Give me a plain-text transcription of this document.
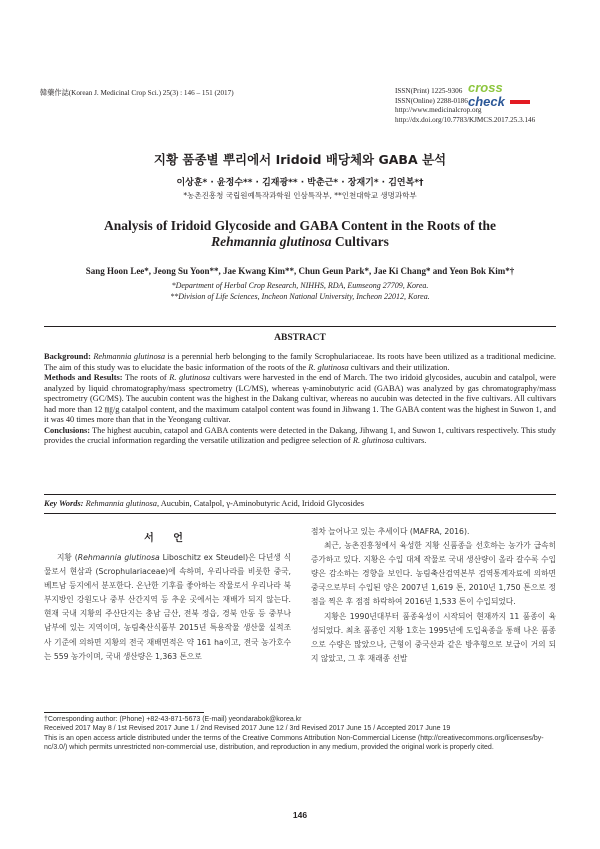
韓藥作誌(Korean J. Medicinal Crop Sci.) 25(3) : 146 – 151 (2017)	cross
check
ISSN(Print) 1225-9306
ISSN(Online) 2288-0186
http://www.medicinalcrop.org
http://dx.doi.org/10.7783/KJMCS.2017.25.3.146
지황 품종별 뿌리에서 Iridoid 배당체와 GABA 분석
이상훈* · 윤정수** · 김재광** · 박춘근* · 장재기* · 김연복*†
*농촌진흥청 국립원예특작과학원 인삼특작부, **인천대학교 생명과학부
Analysis of Iridoid Glycoside and GABA Content in the Roots of the
Rehmannia glutinosa Cultivars
Sang Hoon Lee*, Jeong Su Yoon**, Jae Kwang Kim**, Chun Geun Park*, Jae Ki Chang* and Yeon Bok Kim*†
*Department of Herbal Crop Research, NIHHS, RDA, Eumseong 27709, Korea.
**Division of Life Sciences, Incheon National University, Incheon 22012, Korea.
ABSTRACT

Background: Rehmannia glutinosa is a perennial herb belonging to the family Scrophulariaceae. Its roots have been utilized as a traditional medicine. The aim of this study was to elucidate the basic information of the roots of the R. glutinosa cultivars and their utilization.

Methods and Results: The roots of R. glutinosa cultivars were harvested in the end of March. The two iridoid glycosides, aucubin and catalpol, were analyzed by liquid chromatography/mass spectrometry (LC/MS), whereas γ-aminobutyric acid (GABA) was analyzed by gas chromatography/mass spectrometry (GC/MS). The aucubin content was the highest in the Dakang cultivar, whereas no aucubin was detected in the five cultivars. All cultivars had more than 12 ㎎/g catalpol content, and the maximum catalpol content was found in Jihwang 1. The GABA content was the highest in Suwon 1, and it was 40 times more than that in the Yeongang cultivar.

Conclusions: The highest aucubin, catapol and GABA contents were detected in the Dakang, Jihwang 1, and Suwon 1, cultivars respectively. This study provides the crucial information regarding the versatile utilization and pedigree selection of R. glutinosa cultivars.

Key Words: Rehmannia glutinosa, Aucubin, Catalpol, γ-Aminobutyric Acid, Iridoid Glycosides
서 언

지황 (Rehmannia glutinosa Liboschitz ex Steudel)은 다년생 식물로서 현삼과 (Scrophulariaceae)에 속하며, 우리나라를 비롯한 중국, 베트남 등지에서 분포한다. 온난한 기후를 좋아하는 작물로서 우리나라 북부지방인 강원도나 중부 산간지역 등 추운 곳에서는 재배가 되지 않는다. 현재 국내 지황의 주산단지는 충남 금산, 전북 정읍, 경북 안동 등 중부나 남부에 있는 지역이며, 농림축산식품부 2015년 특용작물 생산물 실적조사 기준에 의하면 지황의 전국 재배면적은 약 161 ha이고, 전국 농가호수는 559 농가이며, 국내 생산량은 1,363 톤으로

점차 늘어나고 있는 추세이다 (MAFRA, 2016).

최근, 농촌진흥청에서 육성한 지황 신품종을 선호하는 농가가 급속히 증가하고 있다. 지황은 수입 대체 작물로 국내 생산량이 올라 갈수록 수입량은 감소하는 경향을 보인다. 농림축산검역본부 검역통계자료에 의하면 중국으로부터 수입된 양은 2007년 1,619 톤, 2010년 1,750 톤으로 정점을 찍은 후 점점 하락하여 2016년 1,533 톤이 수입되었다.

지황은 1990년대부터 품종육성이 시작되어 현재까지 11 품종이 육성되었다. 최초 품종인 지황 1호는 1995년에 도입육종을 통해 나온 품종으로 수량은 많았으나, 근형이 중국산과 같은 방추형으로 보급이 거의 되지 않았고, 그 후 재래종 선발

†Corresponding author: (Phone) +82-43-871-5673 (E-mail) yeondarabok@korea.kr

Received 2017 May 8 / 1st Revised 2017 June 1 / 2nd Revised 2017 June 12 / 3rd Revised 2017 June 15 / Accepted 2017 June 19

This is an open access article distributed under the terms of the Creative Commons Attribution Non-Commercial License (http://creativecommons.org/licenses/by-nc/3.0/) which permits unrestricted non-commercial use, distribution, and reproduction in any medium, provided the original work is properly cited.

146
